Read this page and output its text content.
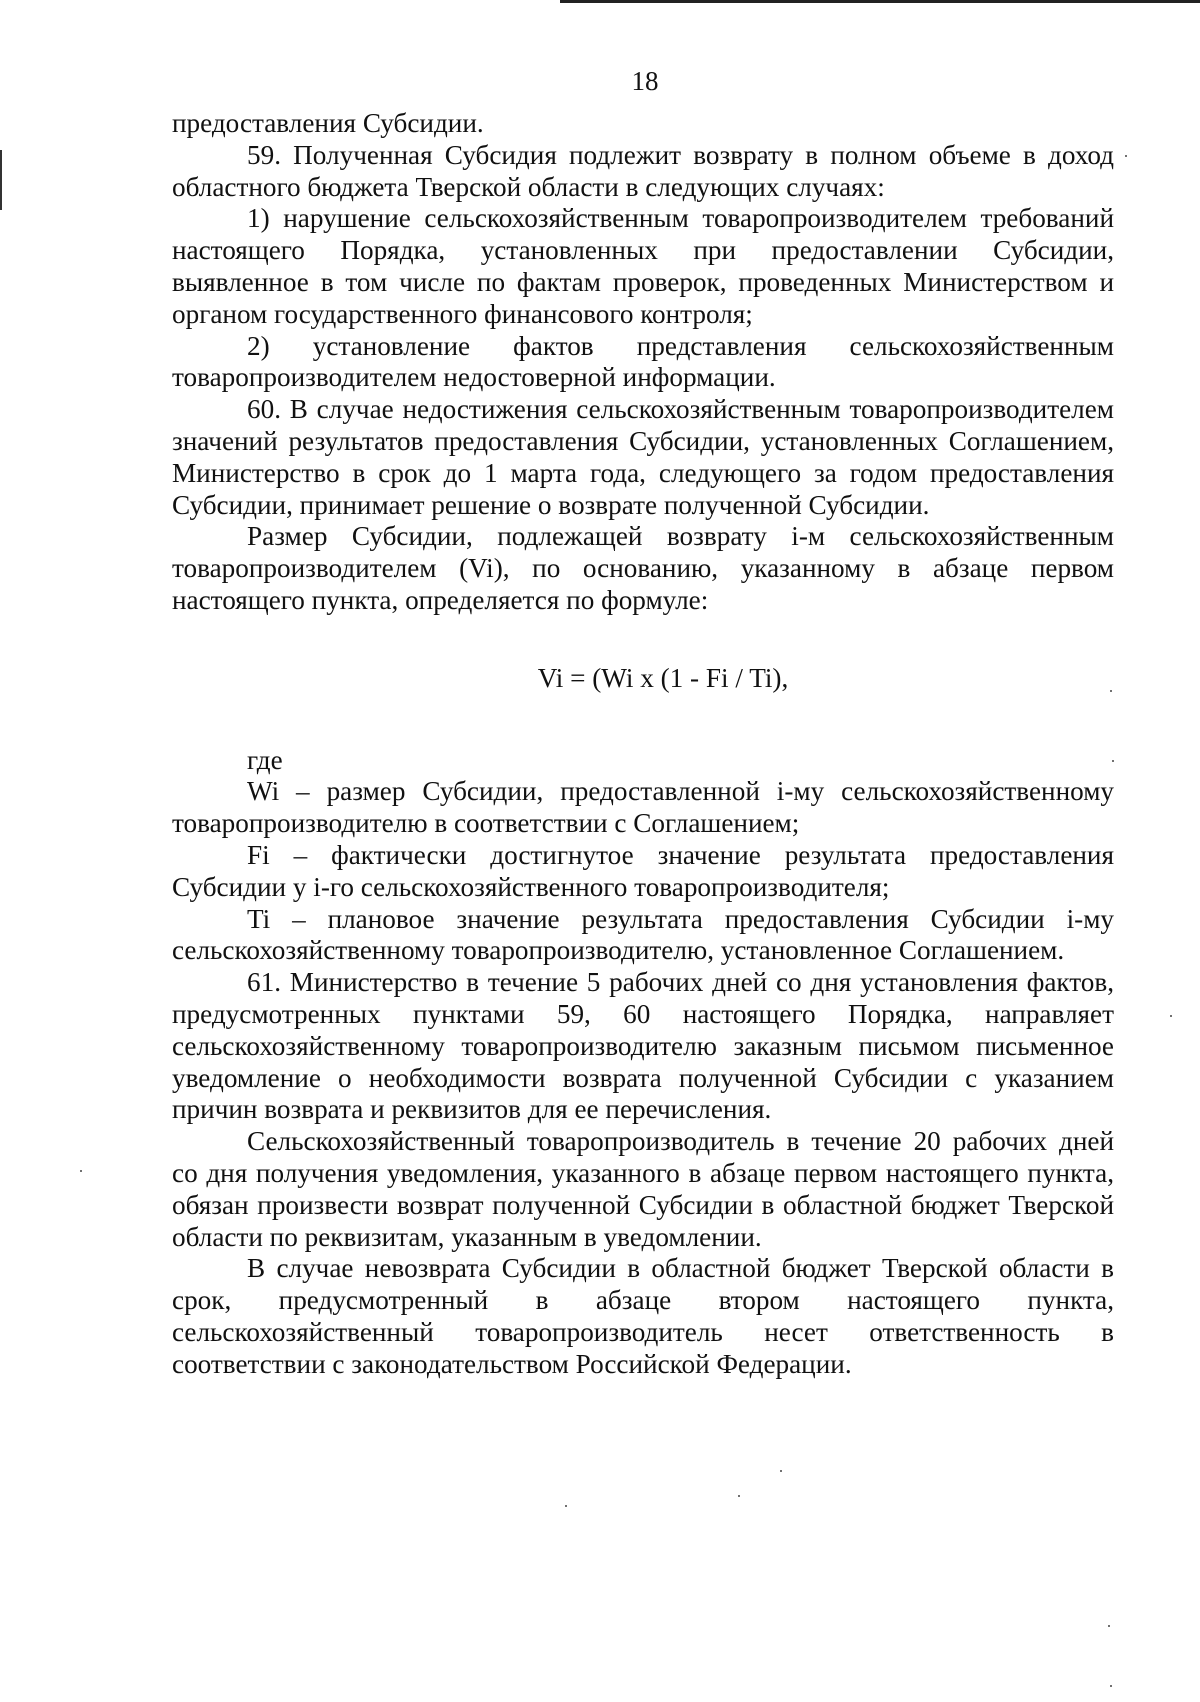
18

предоставления Субсидии.

59. Полученная Субсидия подлежит возврату в полном объеме в доход областного бюджета Тверской области в следующих случаях:

1) нарушение сельскохозяйственным товаропроизводителем требований настоящего Порядка, установленных при предоставлении Субсидии, выявленное в том числе по фактам проверок, проведенных Министерством и органом государственного финансового контроля;

2) установление фактов представления сельскохозяйственным товаропроизводителем недостоверной информации.

60. В случае недостижения сельскохозяйственным товаропроизводителем значений результатов предоставления Субсидии, установленных Соглашением, Министерство в срок до 1 марта года, следующего за годом предоставления Субсидии, принимает решение о возврате полученной Субсидии.

Размер Субсидии, подлежащей возврату i-м сельскохозяйственным товаропроизводителем (Vi), по основанию, указанному в абзаце первом настоящего пункта, определяется по формуле:

Vi = (Wi x (1 - Fi / Ti),

где

Wi – размер Субсидии, предоставленной i-му сельскохозяйственному товаропроизводителю в соответствии с Соглашением;

Fi – фактически достигнутое значение результата предоставления Субсидии у i-го сельскохозяйственного товаропроизводителя;

Ti – плановое значение результата предоставления Субсидии i-му сельскохозяйственному товаропроизводителю, установленное Соглашением.

61. Министерство в течение 5 рабочих дней со дня установления фактов, предусмотренных пунктами 59, 60 настоящего Порядка, направляет сельскохозяйственному товаропроизводителю заказным письмом письменное уведомление о необходимости возврата полученной Субсидии с указанием причин возврата и реквизитов для ее перечисления.

Сельскохозяйственный товаропроизводитель в течение 20 рабочих дней со дня получения уведомления, указанного в абзаце первом настоящего пункта, обязан произвести возврат полученной Субсидии в областной бюджет Тверской области по реквизитам, указанным в уведомлении.

В случае невозврата Субсидии в областной бюджет Тверской области в срок, предусмотренный в абзаце втором настоящего пункта, сельскохозяйственный товаропроизводитель несет ответственность в соответствии с законодательством Российской Федерации.
